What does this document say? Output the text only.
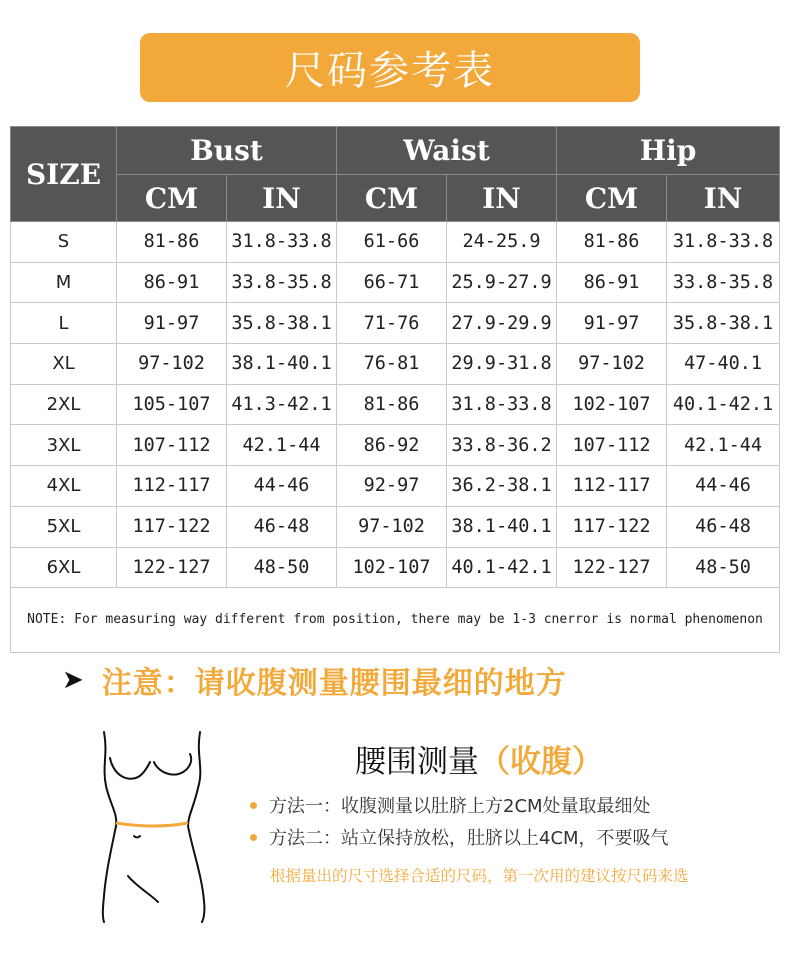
尺码参考表
SIZE	Bust		Waist		Hip	
	CM	IN	CM	IN	CM	IN
S	81-86	31.8-33.8	61-66	24-25.9	81-86	31.8-33.8
M	86-91	33.8-35.8	66-71	25.9-27.9	86-91	33.8-35.8
L	91-97	35.8-38.1	71-76	27.9-29.9	91-97	35.8-38.1
XL	97-102	38.1-40.1	76-81	29.9-31.8	97-102	47-40.1
2XL	105-107	41.3-42.1	81-86	31.8-33.8	102-107	40.1-42.1
3XL	107-112	42.1-44	86-92	33.8-36.2	107-112	42.1-44
4XL	112-117	44-46	92-97	36.2-38.1	112-117	44-46
5XL	117-122	46-48	97-102	38.1-40.1	117-122	46-48
6XL	122-127	48-50	102-107	40.1-42.1	122-127	48-50
NOTE: For measuring way different from position, there may be 1-3 cnerror is normal phenomenon						
➤ 注意：请收腹测量腰围最细的地方
腰围测量（收腹）
方法一：收腹测量以肚脐上方2CM处量取最细处
方法二：站立保持放松，肚脐以上4CM，不要吸气
根据量出的尺寸选择合适的尺码，第一次用的建议按尺码来选
